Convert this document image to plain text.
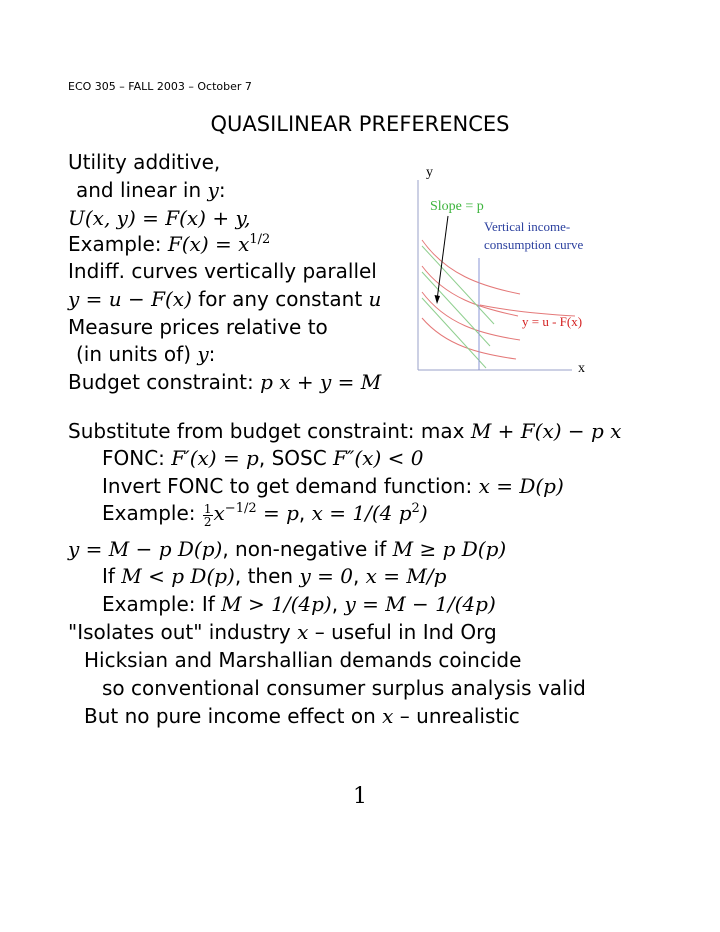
ECO 305 – FALL 2003 – October 7
QUASILINEAR PREFERENCES
Utility additive,
and linear in y:
U(x, y) = F(x) + y,
Example: $F(x) = x^{1/2}$
Indiff. curves vertically parallel
y = u − F(x) for any constant u
Measure prices relative to
(in units of) y:
Budget constraint: p x + y = M
y
x
Slope = p
Vertical income-
consumption curve
y = u - F(x)
Substitute from budget constraint: max M + F(x) − p x
FONC: F′(x) = p, SOSC F″(x) < 0
Invert FONC to get demand function: x = D(p)
Example: $\frac{1}{2} x^{-1/2} = p$, x = 1/(4 $p^2$)
y = M − p D(p), non-negative if M ≥ p D(p)
If M < p D(p), then y = 0, x = M/p
Example: If M > 1/(4p), y = M − 1/(4p)
"Isolates out" industry x – useful in Ind Org
Hicksian and Marshallian demands coincide
so conventional consumer surplus analysis valid
But no pure income effect on x – unrealistic
1
